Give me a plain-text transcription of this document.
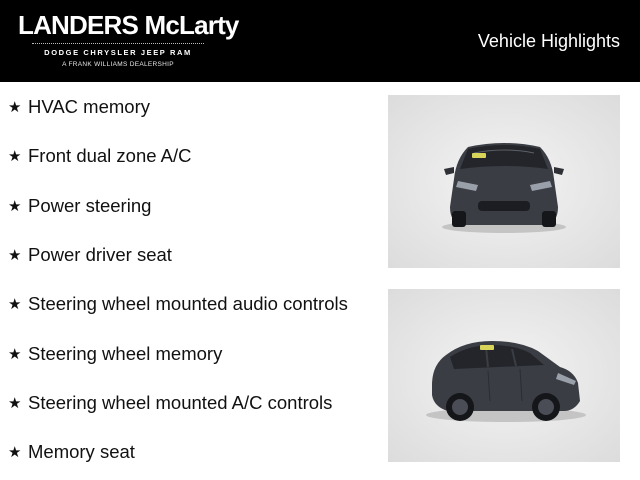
LANDERS McLarty
DODGE CHRYSLER JEEP RAM
A FRANK WILLIAMS DEALERSHIP
Vehicle Highlights
★ HVAC memory
★ Front dual zone A/C
★ Power steering
★ Power driver seat
★ Steering wheel mounted audio controls
★ Steering wheel memory
★ Steering wheel mounted A/C controls
★ Memory seat
